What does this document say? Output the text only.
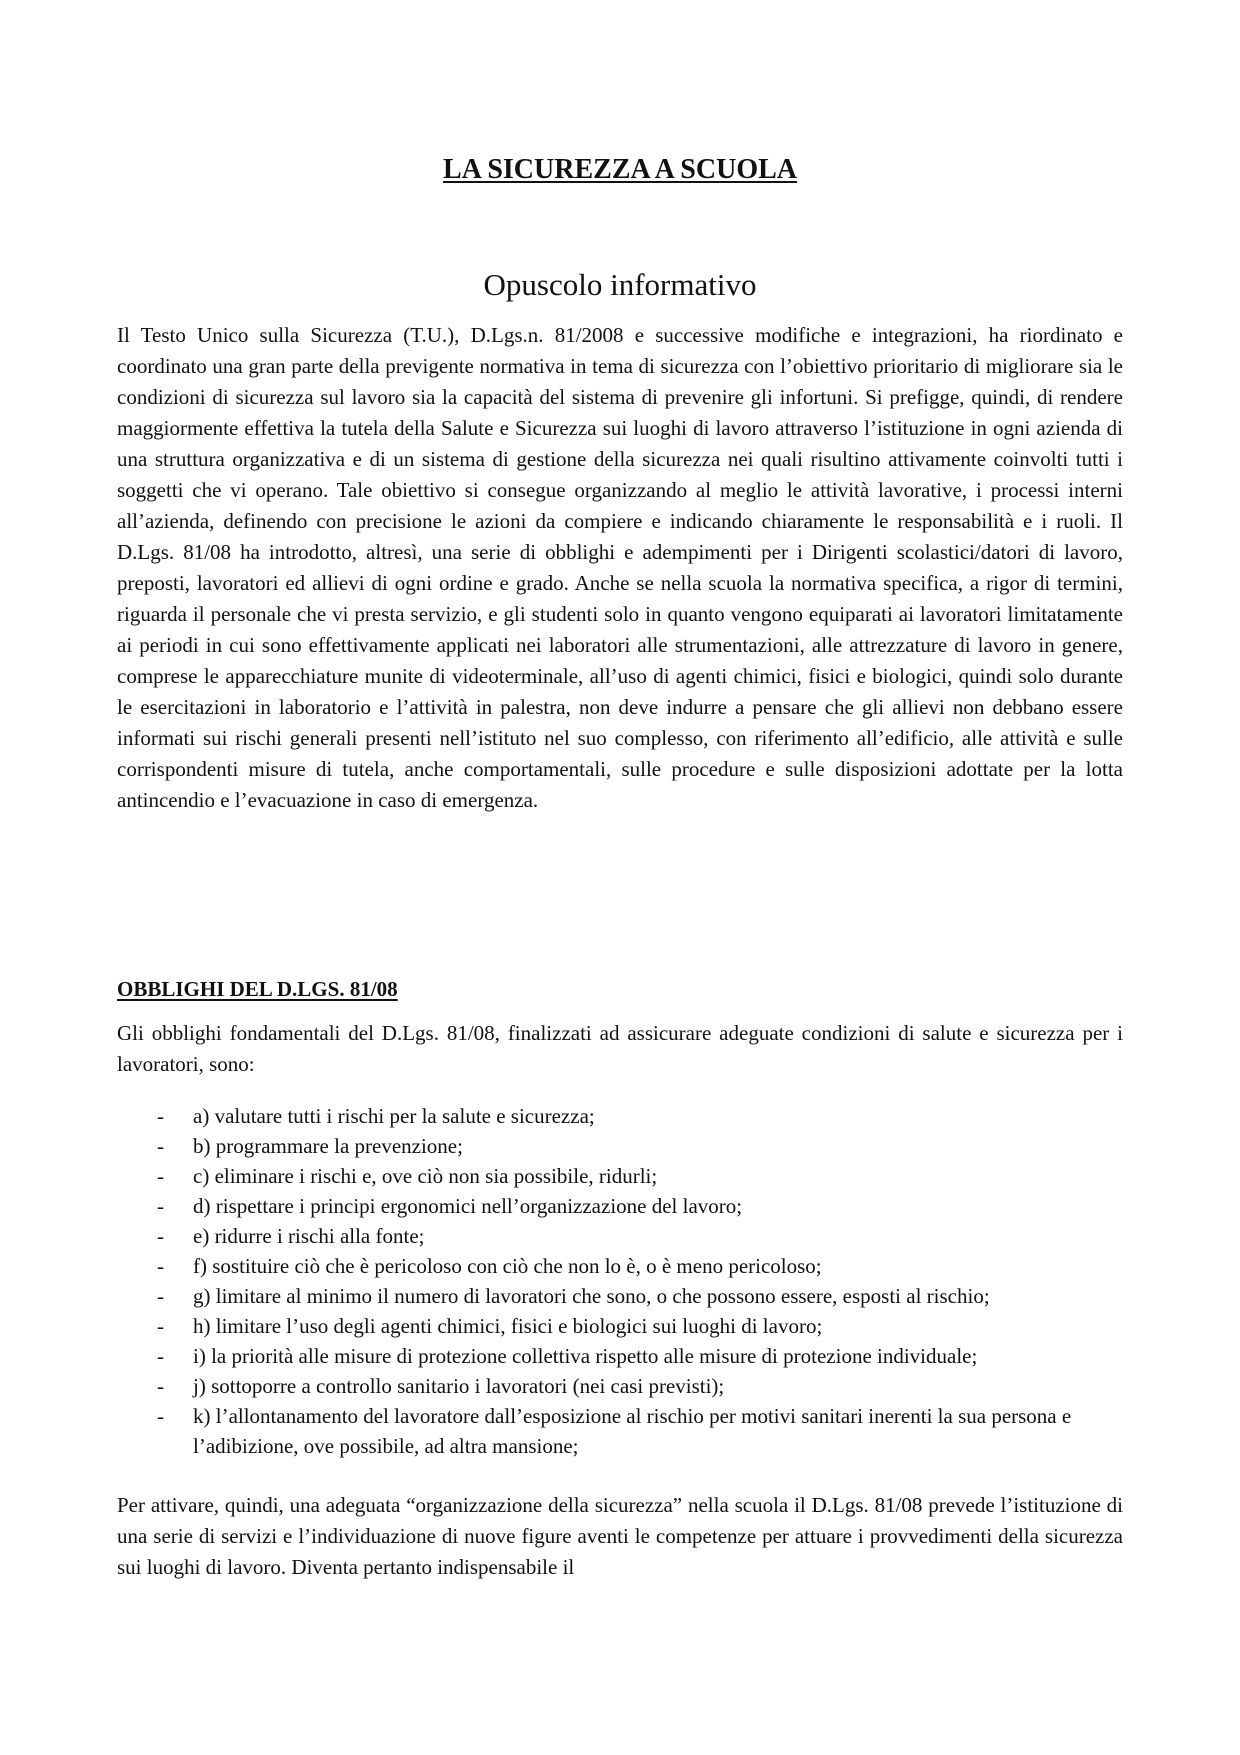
LA SICUREZZA A SCUOLA
Opuscolo informativo

Il Testo Unico sulla Sicurezza (T.U.), D.Lgs.n. 81/2008 e successive modifiche e integrazioni, ha riordinato e coordinato una gran parte della previgente normativa in tema di sicurezza con l’obiettivo prioritario di migliorare sia le condizioni di sicurezza sul lavoro sia la capacità del sistema di prevenire gli infortuni. Si prefigge, quindi, di rendere maggiormente effettiva la tutela della Salute e Sicurezza sui luoghi di lavoro attraverso l’istituzione in ogni azienda di una struttura organizzativa e di un sistema di gestione della sicurezza nei quali risultino attivamente coinvolti tutti i soggetti che vi operano. Tale obiettivo si consegue organizzando al meglio le attività lavorative, i processi interni all’azienda, definendo con precisione le azioni da compiere e indicando chiaramente le responsabilità e i ruoli. Il D.Lgs. 81/08 ha introdotto, altresì, una serie di obblighi e adempimenti per i Dirigenti scolastici/datori di lavoro, preposti, lavoratori ed allievi di ogni ordine e grado. Anche se nella scuola la normativa specifica, a rigor di termini, riguarda il personale che vi presta servizio, e gli studenti solo in quanto vengono equiparati ai lavoratori limitatamente ai periodi in cui sono effettivamente applicati nei laboratori alle strumentazioni, alle attrezzature di lavoro in genere, comprese le apparecchiature munite di videoterminale, all’uso di agenti chimici, fisici e biologici, quindi solo durante le esercitazioni in laboratorio e l’attività in palestra, non deve indurre a pensare che gli allievi non debbano essere informati sui rischi generali presenti nell’istituto nel suo complesso, con riferimento all’edificio, alle attività e sulle corrispondenti misure di tutela, anche comportamentali, sulle procedure e sulle disposizioni adottate per la lotta antincendio e l’evacuazione in caso di emergenza.

OBBLIGHI DEL D.LGS. 81/08

Gli obblighi fondamentali del D.Lgs. 81/08, finalizzati ad assicurare adeguate condizioni di salute e sicurezza per i lavoratori, sono:

- a) valutare tutti i rischi per la salute e sicurezza;
- b) programmare la prevenzione;
- c) eliminare i rischi e, ove ciò non sia possibile, ridurli;
- d) rispettare i principi ergonomici nell’organizzazione del lavoro;
- e) ridurre i rischi alla fonte;
- f) sostituire ciò che è pericoloso con ciò che non lo è, o è meno pericoloso;
- g) limitare al minimo il numero di lavoratori che sono, o che possono essere, esposti al rischio;
- h) limitare l’uso degli agenti chimici, fisici e biologici sui luoghi di lavoro;
- i) la priorità alle misure di protezione collettiva rispetto alle misure di protezione individuale;
- j) sottoporre a controllo sanitario i lavoratori (nei casi previsti);
- k) l’allontanamento del lavoratore dall’esposizione al rischio per motivi sanitari inerenti la sua persona e l’adibizione, ove possibile, ad altra mansione;

Per attivare, quindi, una adeguata “organizzazione della sicurezza” nella scuola il D.Lgs. 81/08 prevede l’istituzione di una serie di servizi e l’individuazione di nuove figure aventi le competenze per attuare i provvedimenti della sicurezza sui luoghi di lavoro. Diventa pertanto indispensabile il
